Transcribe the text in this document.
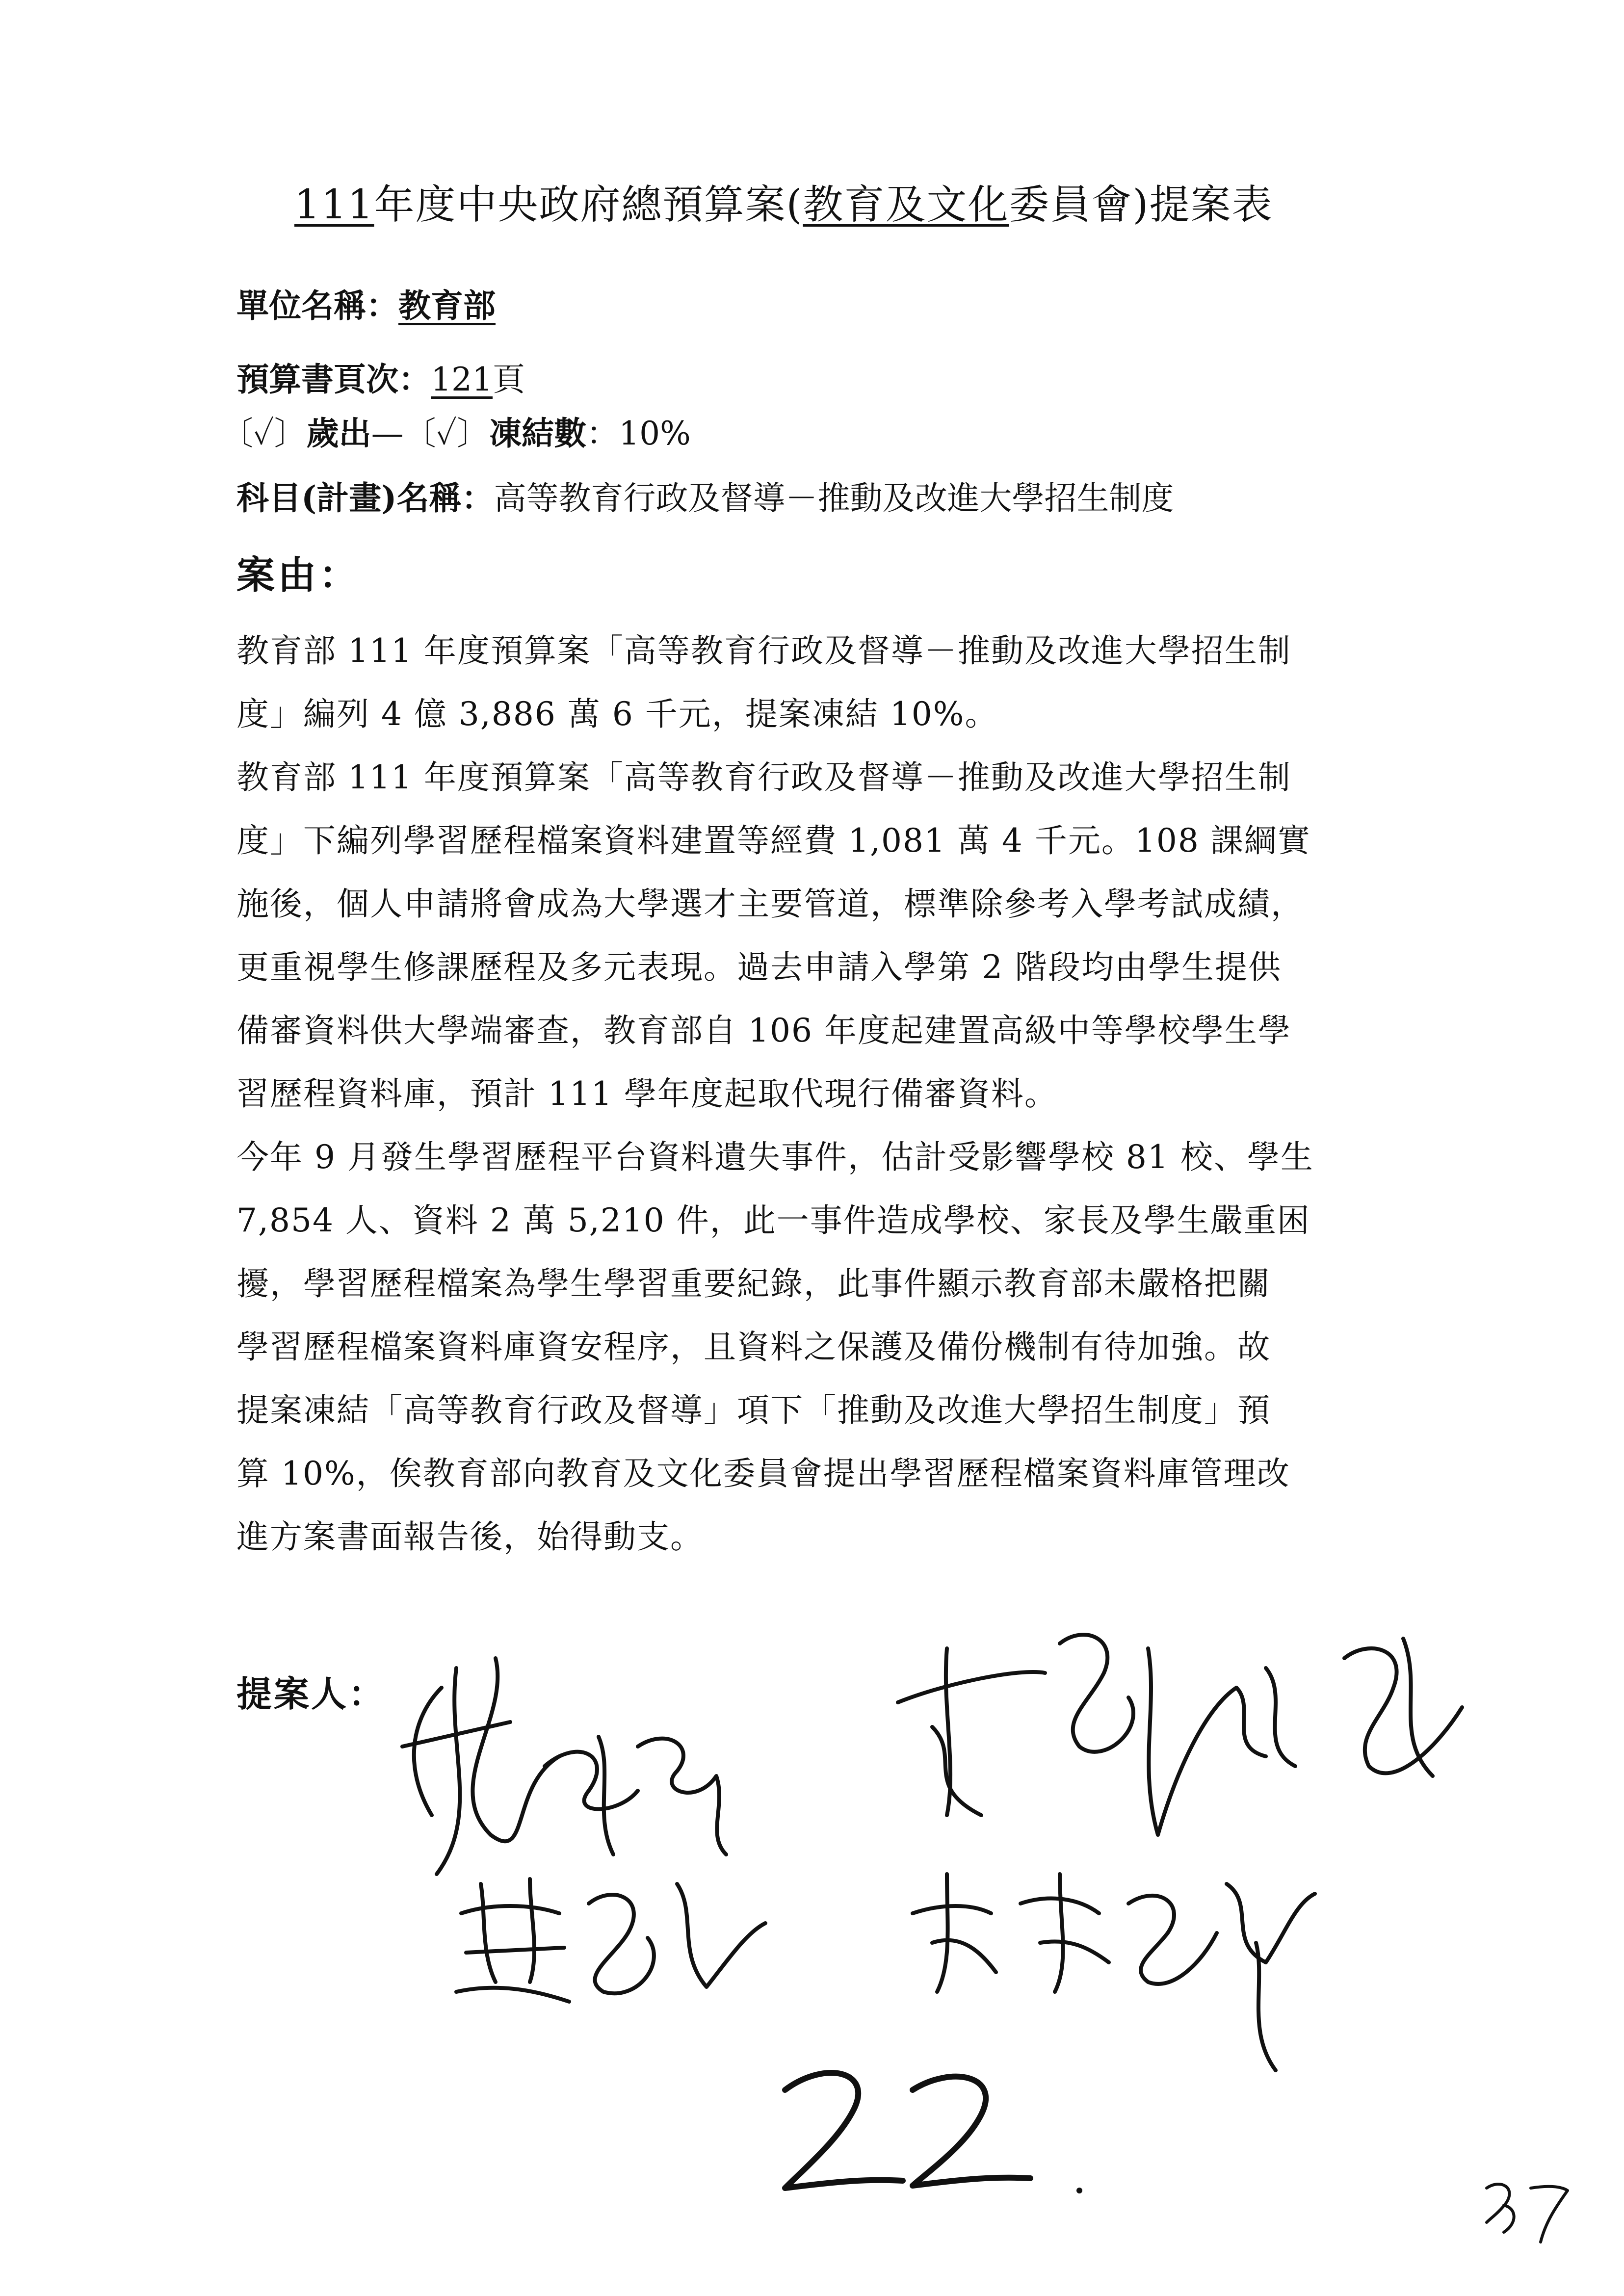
111年度中央政府總預算案(教育及文化委員會)提案表
單位名稱：教育部
預算書頁次：121頁
〔✓〕歲出—〔✓〕凍結數：10%
科目(計畫)名稱：高等教育行政及督導－推動及改進大學招生制度
案由：

教育部 111 年度預算案「高等教育行政及督導－推動及改進大學招生制

度」編列 4 億 3,886 萬 6 千元，提案凍結 10%。

教育部 111 年度預算案「高等教育行政及督導－推動及改進大學招生制

度」下編列學習歷程檔案資料建置等經費 1,081 萬 4 千元。108 課綱實

施後，個人申請將會成為大學選才主要管道，標準除參考入學考試成績，

更重視學生修課歷程及多元表現。過去申請入學第 2 階段均由學生提供

備審資料供大學端審查，教育部自 106 年度起建置高級中等學校學生學

習歷程資料庫，預計 111 學年度起取代現行備審資料。

今年 9 月發生學習歷程平台資料遺失事件，估計受影響學校 81 校、學生

7,854 人、資料 2 萬 5,210 件，此一事件造成學校、家長及學生嚴重困

擾，學習歷程檔案為學生學習重要紀錄，此事件顯示教育部未嚴格把關

學習歷程檔案資料庫資安程序，且資料之保護及備份機制有待加強。故

提案凍結「高等教育行政及督導」項下「推動及改進大學招生制度」預

算 10%，俟教育部向教育及文化委員會提出學習歷程檔案資料庫管理改

進方案書面報告後，始得動支。

提案人：
